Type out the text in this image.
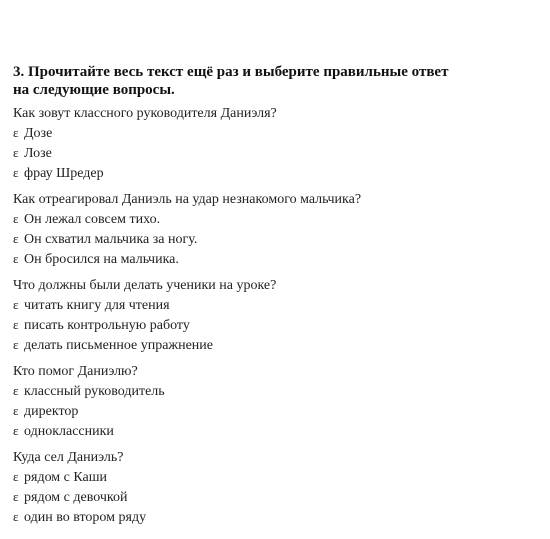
3. Прочитайте весь текст ещё раз и выберите правильные ответ
на следующие вопросы.

Как зовут классного руководителя Даниэля?

ε Дозе
ε Лозе
ε фрау Шредер

Как отреагировал Даниэль на удар незнакомого мальчика?

ε Он лежал совсем тихо.
ε Он схватил мальчика за ногу.
ε Он бросился на мальчика.

Что должны были делать ученики на уроке?

ε читать книгу для чтения
ε писать контрольную работу
ε делать письменное упражнение

Кто помог Даниэлю?

ε классный руководитель
ε директор
ε одноклассники

Куда сел Даниэль?

ε рядом с Каши
ε рядом с девочкой
ε один во втором ряду
